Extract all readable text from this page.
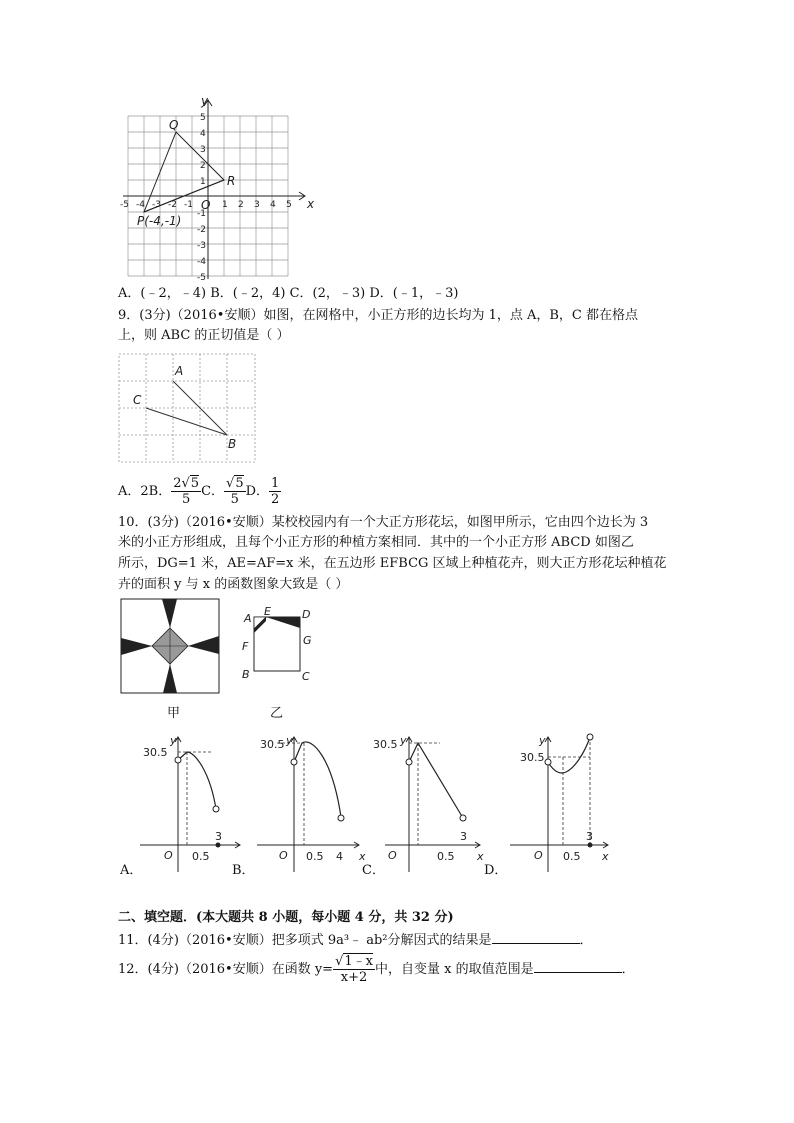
-5 -4 -3 -2 -1	1 2 3 4 5
5
4
3
2
1
-1
-2
-3
-4
-5
x
y
O
Q
R
P(-4,-1)
A．(﹣2，﹣4) B．(﹣2，4) C．(2，﹣3) D．(﹣1，﹣3)
9．(3分)（2016•安顺）如图，在网格中，小正方形的边长均为 1，点 A，B，C 都在格点
上，则 ABC 的正切值是（ ）
A
C
B
A．2B． $\frac{2√5}{5}$ C． $\frac{√5}{5}$ D． $\frac{1}{2}$
10．(3分)（2016•安顺）某校校园内有一个大正方形花坛，如图甲所示，它由四个边长为 3
米的小正方形组成，且每个小正方形的种植方案相同．其中的一个小正方形 ABCD 如图乙
所示，DG=1 米，AE=AF=x 米，在五边形 EFBCG 区域上种植花卉，则大正方形花坛种植花
卉的面积 y 与 x 的函数图象大致是（ ）
A
E	D
G
F
B	C
甲	乙
30.5
y
O 0.5
3
A．
30.5 y
O 0.5 4 x
B．
30.5 y
O	0.5
3
x
C．
30.5
y
O 0.5
3
x
D．
二、填空题．(本大题共 8 小题，每小题 4 分，共 32 分)
11．(4分)（2016•安顺）把多项式 9a³﹣ ab²分解因式的结果是	．
12．(4分)（2016•安顺）在函数 $y= \frac{√1﹣x}{x+2}$ 中，自变量 x 的取值范围是	．
